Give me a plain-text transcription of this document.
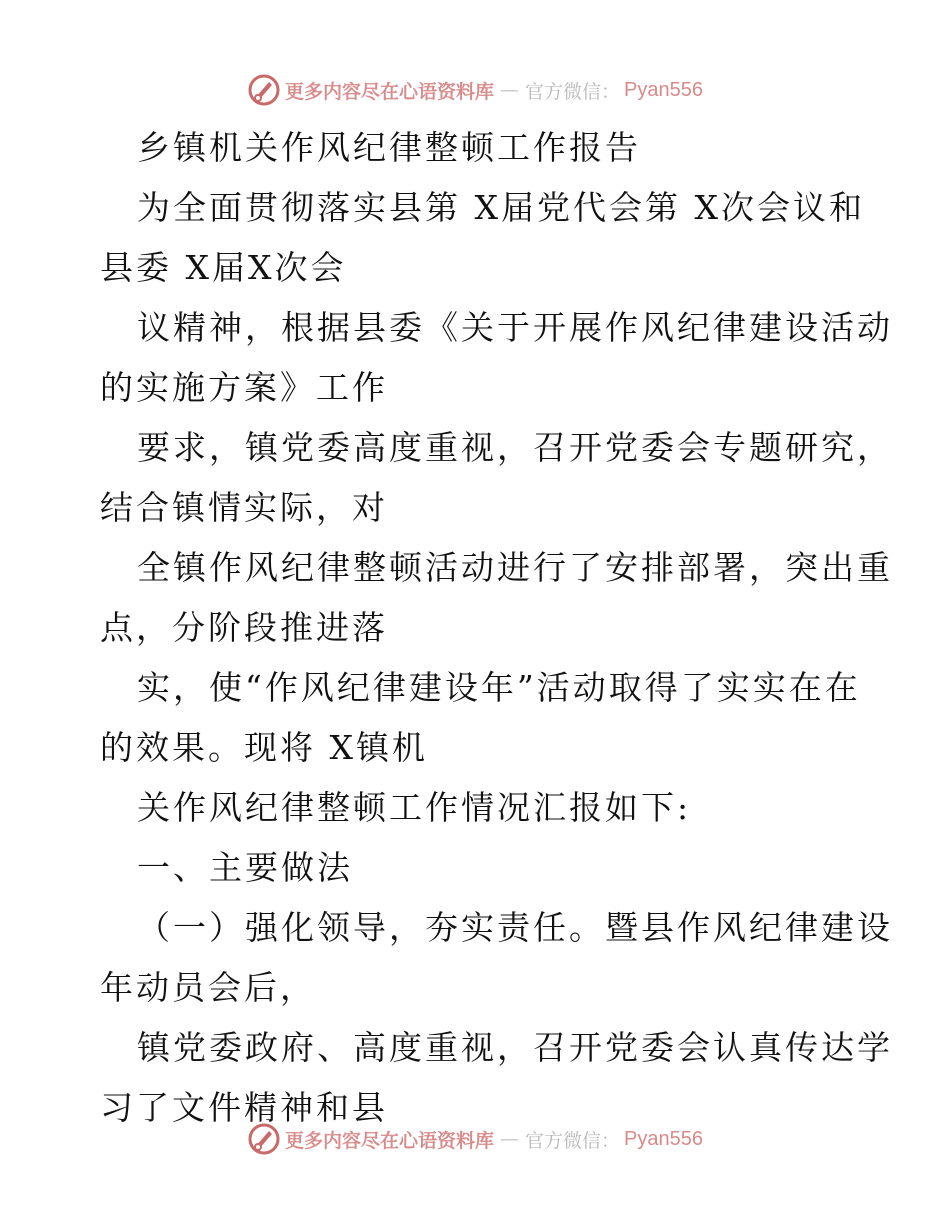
更多内容尽在心语资料库 — 官方微信： Pyan556
乡镇机关作风纪律整顿工作报告
为全面贯彻落实县第 X届党代会第 X次会议和
县委 X届X次会
议精神，根据县委《关于开展作风纪律建设活动
的实施方案》工作
要求，镇党委高度重视，召开党委会专题研究，
结合镇情实际，对
全镇作风纪律整顿活动进行了安排部署，突出重
点，分阶段推进落
实，使“作风纪律建设年”活动取得了实实在在
的效果。现将 X镇机
关作风纪律整顿工作情况汇报如下:
一、主要做法
（一）强化领导，夯实责任。暨县作风纪律建设
年动员会后，
镇党委政府、高度重视，召开党委会认真传达学
习了文件精神和县
更多内容尽在心语资料库 — 官方微信： Pyan556
